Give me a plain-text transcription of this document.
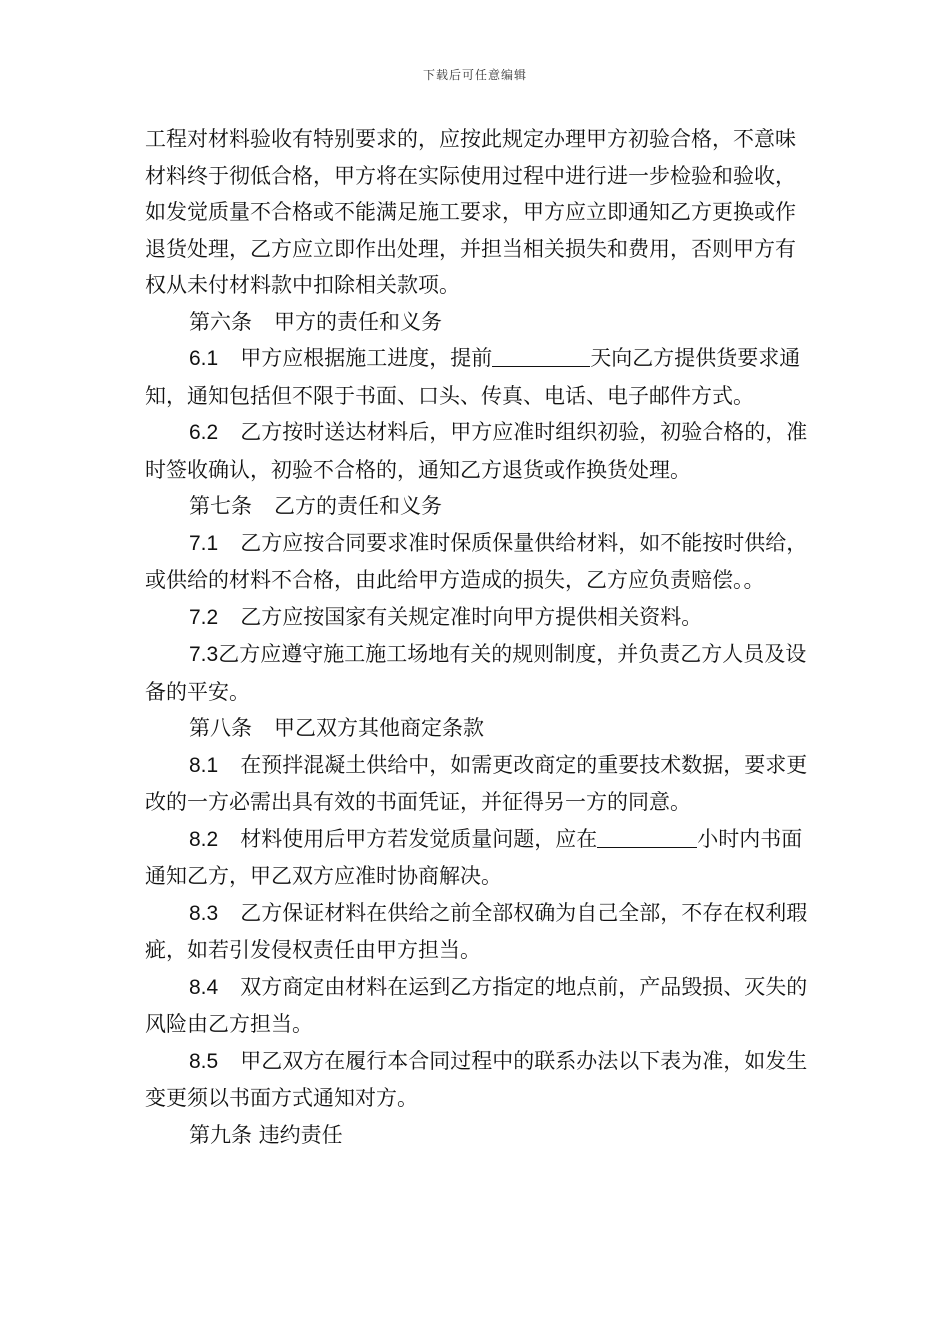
下载后可任意编辑

工程对材料验收有特别要求的，应按此规定办理甲方初验合格，不意味材料终于彻低合格，甲方将在实际使用过程中进行进一步检验和验收，如发觉质量不合格或不能满足施工要求，甲方应立即通知乙方更换或作退货处理，乙方应立即作出处理，并担当相关损失和费用，否则甲方有权从未付材料款中扣除相关款项。

第六条 甲方的责任和义务

6.1 甲方应根据施工进度，提前	天向乙方提供货要求通知，通知包括但不限于书面、口头、传真、电话、电子邮件方式。

6.2 乙方按时送达材料后，甲方应准时组织初验，初验合格的，准时签收确认，初验不合格的，通知乙方退货或作换货处理。

第七条 乙方的责任和义务

7.1 乙方应按合同要求准时保质保量供给材料，如不能按时供给，或供给的材料不合格，由此给甲方造成的损失，乙方应负责赔偿。。

7.2 乙方应按国家有关规定准时向甲方提供相关资料。

7.3乙方应遵守施工施工场地有关的规则制度，并负责乙方人员及设备的平安。

第八条 甲乙双方其他商定条款

8.1 在预拌混凝土供给中，如需更改商定的重要技术数据，要求更改的一方必需出具有效的书面凭证，并征得另一方的同意。

8.2 材料使用后甲方若发觉质量问题，应在	小时内书面通知乙方，甲乙双方应准时协商解决。

8.3 乙方保证材料在供给之前全部权确为自己全部，不存在权利瑕疵，如若引发侵权责任由甲方担当。

8.4 双方商定由材料在运到乙方指定的地点前，产品毁损、灭失的风险由乙方担当。

8.5 甲乙双方在履行本合同过程中的联系办法以下表为准，如发生变更须以书面方式通知对方。

第九条 违约责任
